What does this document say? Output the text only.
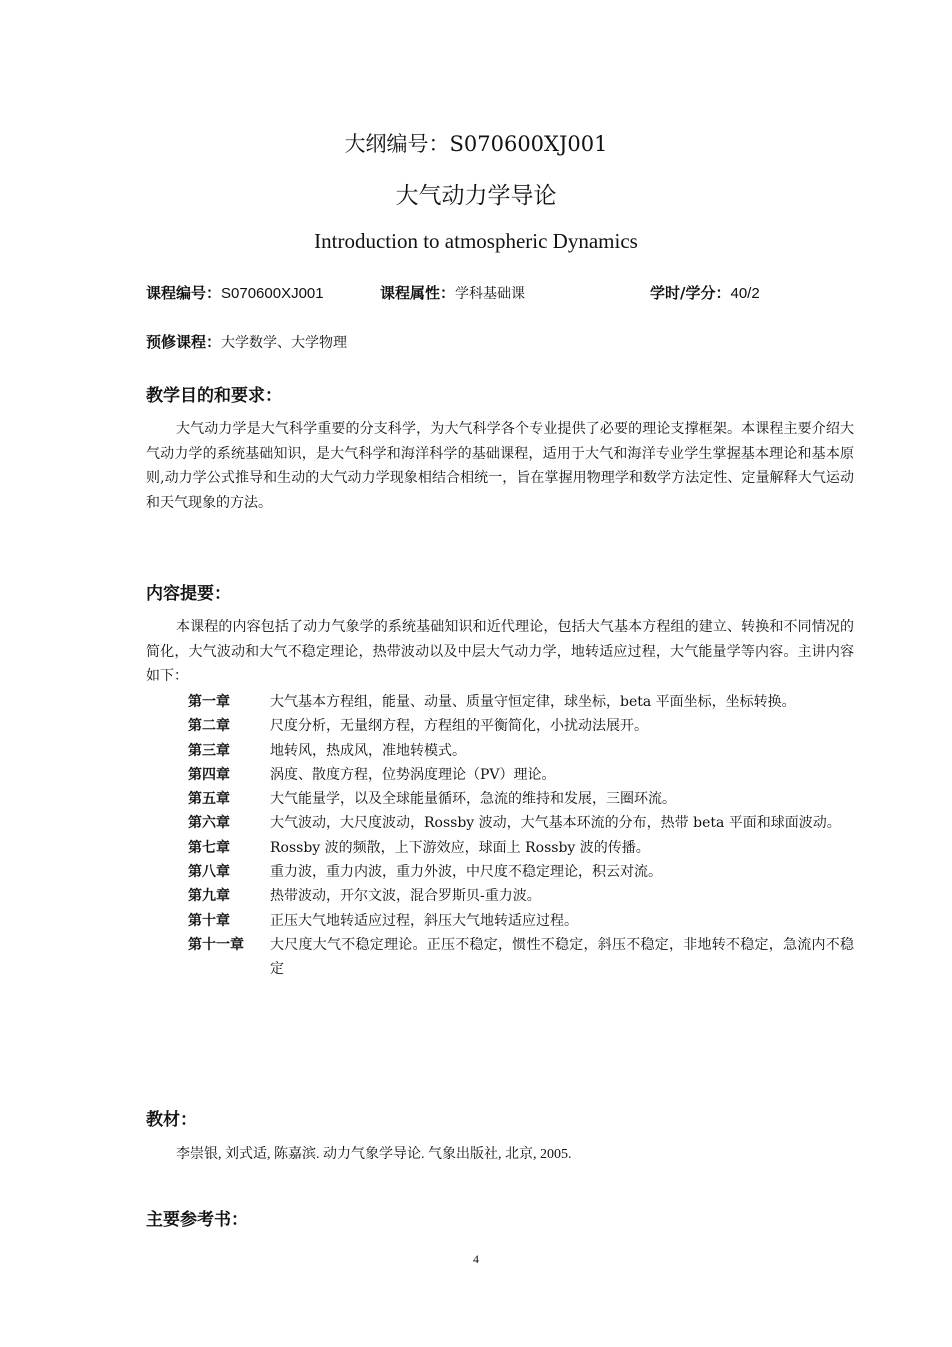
大纲编号：S070600XJ001
大气动力学导论
Introduction to atmospheric Dynamics
课程编号：S070600XJ001	课程属性：学科基础课	学时/学分：40/2
预修课程：大学数学、大学物理
教学目的和要求：
大气动力学是大气科学重要的分支科学，为大气科学各个专业提供了必要的理论支撑框架。本课程主要介绍大气动力学的系统基础知识，是大气科学和海洋科学的基础课程，适用于大气和海洋专业学生掌握基本理论和基本原则,动力学公式推导和生动的大气动力学现象相结合相统一，旨在掌握用物理学和数学方法定性、定量解释大气运动和天气现象的方法。
内容提要：
本课程的内容包括了动力气象学的系统基础知识和近代理论，包括大气基本方程组的建立、转换和不同情况的简化，大气波动和大气不稳定理论，热带波动以及中层大气动力学，地转适应过程，大气能量学等内容。主讲内容如下：
第一章	大气基本方程组，能量、动量、质量守恒定律，球坐标，beta 平面坐标，坐标转换。
第二章	尺度分析，无量纲方程，方程组的平衡简化，小扰动法展开。
第三章	地转风，热成风，准地转模式。
第四章	涡度、散度方程，位势涡度理论（PV）理论。
第五章	大气能量学，以及全球能量循环，急流的维持和发展，三圈环流。
第六章	大气波动，大尺度波动，Rossby 波动，大气基本环流的分布，热带 beta 平面和球面波动。
第七章	Rossby 波的频散，上下游效应，球面上 Rossby 波的传播。
第八章	重力波，重力内波，重力外波，中尺度不稳定理论，积云对流。
第九章	热带波动，开尔文波，混合罗斯贝-重力波。
第十章	正压大气地转适应过程，斜压大气地转适应过程。
第十一章	大尺度大气不稳定理论。正压不稳定，惯性不稳定，斜压不稳定，非地转不稳定，急流内不稳定
教材：
李崇银, 刘式适, 陈嘉滨. 动力气象学导论. 气象出版社, 北京, 2005.
主要参考书：
4
